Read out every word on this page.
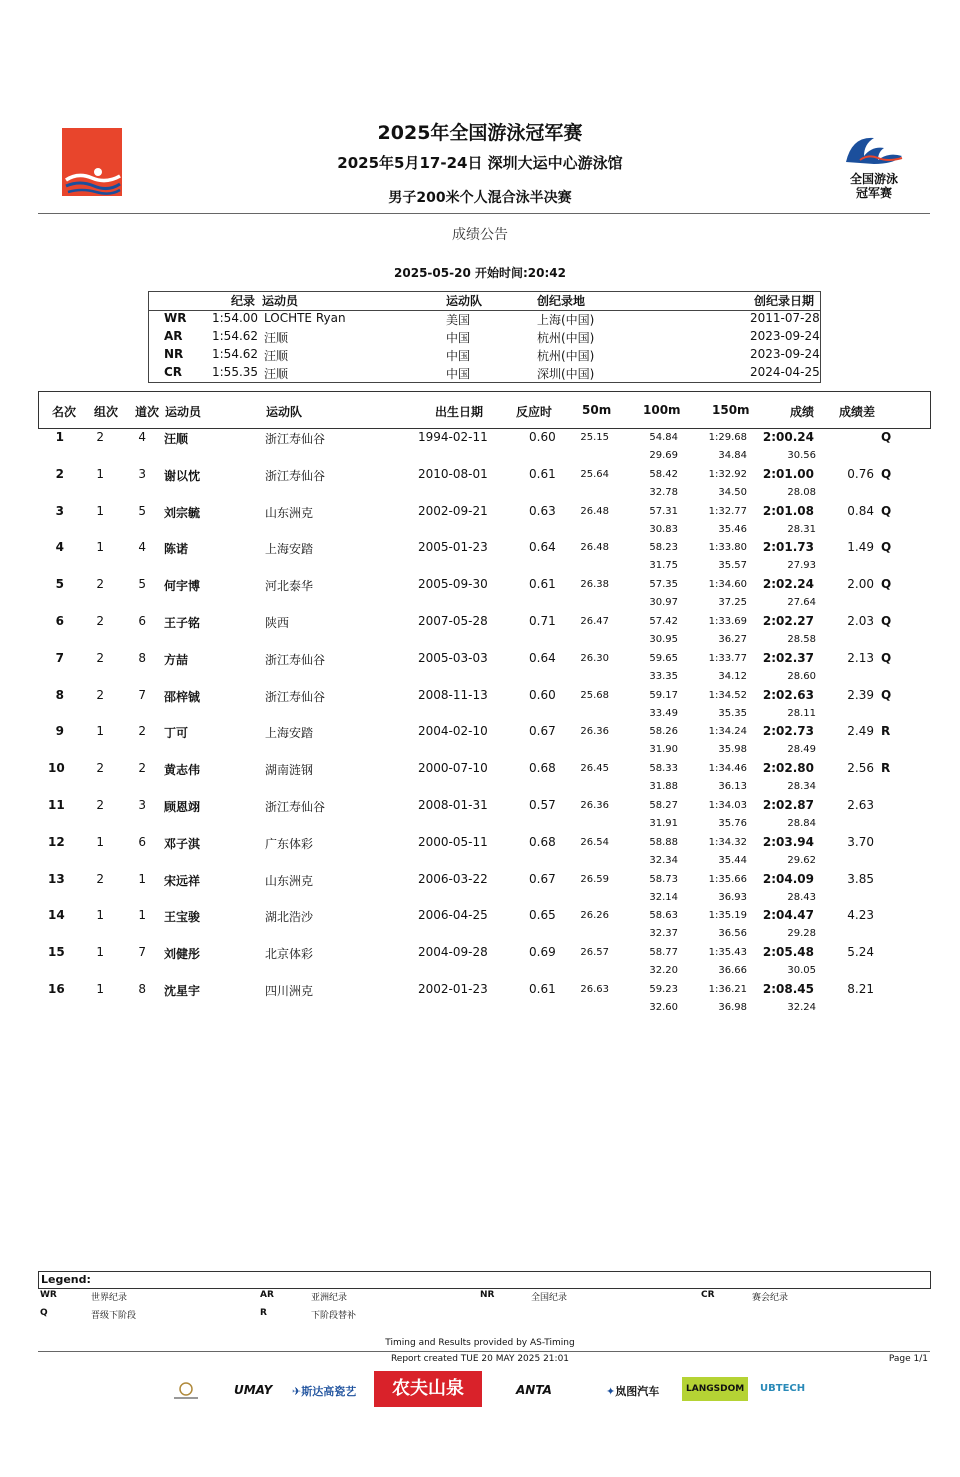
全国游泳
冠军赛
2025年全国游泳冠军赛
2025年5月17-24日 深圳大运中心游泳馆
男子200米个人混合泳半决赛
成绩公告
2025-05-20 开始时间:20:42
纪录 运动员	运动队	创纪录地	创纪录日期
WR 1:54.00 LOCHTE Ryan	美国	上海(中国)	2011-07-28
AR 1:54.62 汪顺	中国	杭州(中国)	2023-09-24
NR 1:54.62 汪顺	中国	杭州(中国)	2023-09-24
CR 1:55.35 汪顺	中国	深圳(中国)	2024-04-25
名次 组次 道次 运动员	运动队	出生日期	反应时 50m	100m	150m	成绩 成绩差
1	2	4 汪顺	浙江寿仙谷	1994-02-11	0.60	25.15	54.84	1:29.68	2:00.24	Q
29.69	34.84	30.56
2	1	3 谢以忱	浙江寿仙谷	2010-08-01	0.61	25.64	58.42	1:32.92	2:01.00	0.76 Q
32.78	34.50	28.08
3	1	5 刘宗毓	山东洲克	2002-09-21	0.63	26.48	57.31	1:32.77	2:01.08	0.84 Q
30.83	35.46	28.31
4	1	4 陈诺	上海安踏	2005-01-23	0.64	26.48	58.23	1:33.80	2:01.73	1.49 Q
31.75	35.57	27.93
5	2	5 何宇博	河北泰华	2005-09-30	0.61	26.38	57.35	1:34.60	2:02.24	2.00 Q
30.97	37.25	27.64
6	2	6 王子铭	陕西	2007-05-28	0.71	26.47	57.42	1:33.69	2:02.27	2.03 Q
30.95	36.27	28.58
7	2	8 方喆	浙江寿仙谷	2005-03-03	0.64	26.30	59.65	1:33.77	2:02.37	2.13 Q
33.35	34.12	28.60
8	2	7 邵梓铖	浙江寿仙谷	2008-11-13	0.60	25.68	59.17	1:34.52	2:02.63	2.39 Q
33.49	35.35	28.11
9	1	2 丁可	上海安踏	2004-02-10	0.67	26.36	58.26	1:34.24	2:02.73	2.49 R
31.90	35.98	28.49
10	2	2 黄志伟	湖南涟钢	2000-07-10	0.68	26.45	58.33	1:34.46	2:02.80	2.56 R
31.88	36.13	28.34
11	2	3 顾恩翊	浙江寿仙谷	2008-01-31	0.57	26.36	58.27	1:34.03	2:02.87	2.63
31.91	35.76	28.84
12	1	6 邓子淇	广东体彩	2000-05-11	0.68	26.54	58.88	1:34.32	2:03.94	3.70
32.34	35.44	29.62
13	2	1 宋远祥	山东洲克	2006-03-22	0.67	26.59	58.73	1:35.66	2:04.09	3.85
32.14	36.93	28.43
14	1	1 王宝骏	湖北浩沙	2006-04-25	0.65	26.26	58.63	1:35.19	2:04.47	4.23
32.37	36.56	29.28
15	1	7 刘健彤	北京体彩	2004-09-28	0.69	26.57	58.77	1:35.43	2:05.48	5.24
32.20	36.66	30.05
16	1	8 沈星宇	四川洲克	2002-01-23	0.61	26.63	59.23	1:36.21	2:08.45	8.21
32.60	36.98	32.24
Legend:
WR	世界纪录	AR	亚洲纪录	NR	全国纪录	CR	赛会纪录
Q	晋级下阶段	R	下阶段替补
Timing and Results provided by AS-Timing
Report created TUE 20 MAY 2025 21:01	Page 1/1
UMAY ✈斯达高瓷艺	农夫山泉	ANTA	✦岚图汽车	LANGSDOM	UBTECH
